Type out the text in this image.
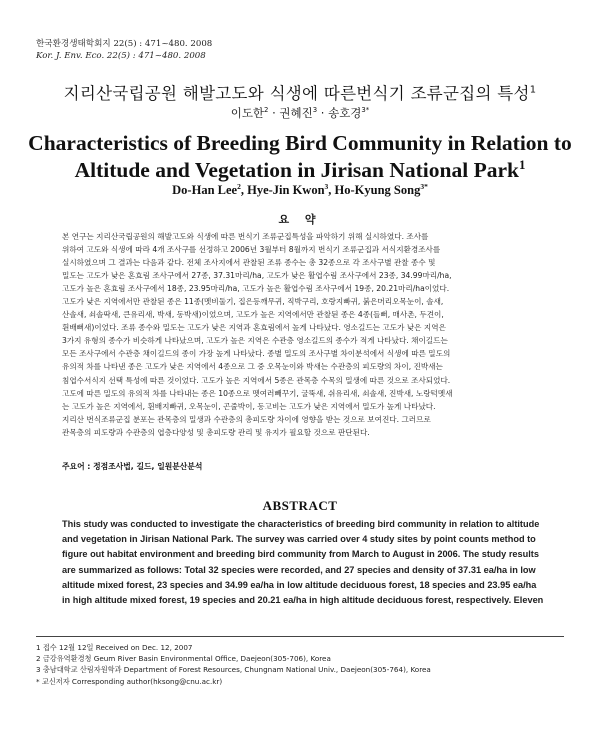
한국환경생태학회지 22(5) : 471~480. 2008
Kor. J. Env. Eco. 22(5) : 471~480. 2008
지리산국립공원 해발고도와 식생에 따른번식기 조류군집의 특성$^1$
이도한$^2$ · 권혜진$^3$ · 송호경$^{3*}$
Characteristics of Breeding Bird Community in Relation to
Altitude and Vegetation in Jirisan National Park$^1$
Do-Han Lee$^2$, Hye-Jin Kwon$^3$, Ho-Kyung Song$^{3*}$
요 약
본 연구는 지리산국립공원의 해발고도와 식생에 따른 번식기 조류군집특성을 파악하기 위해 실시하였다. 조사를
위하여 고도와 식생에 따라 4개 조사구를 선정하고 2006년 3월부터 8월까지 번식기 조류군집과 서식지환경조사를
실시하였으며 그 결과는 다음과 같다. 전체 조사지에서 관찰된 조류 종수는 총 32종으로 각 조사구별 관찰 종수 및
밀도는 고도가 낮은 혼효림 조사구에서 27종, 37.31마리/ha, 고도가 낮은 활엽수림 조사구에서 23종, 34.99마리/ha,
고도가 높은 혼효림 조사구에서 18종, 23.95마리/ha, 고도가 높은 활엽수림 조사구에서 19종, 20.21마리/ha이었다.
고도가 낮은 지역에서만 관찰된 종은 11종(멧비둘기, 집은등깨무귀, 직박구리, 호랑지빠귀, 붉은머리오목눈이, 솔새,
산솔새, 쇠솔딱새, 큰유리새, 박새, 동박새)이었으며, 고도가 높은 지역에서만 관찰된 종은 4종(들뻐, 매사촌, 두견이,
휜배뻐새)이었다. 조류 종수와 밀도는 고도가 낮은 지역과 혼효림에서 높게 나타났다. 영소길드는 고도가 낮은 지역은
3가지 유형의 종수가 비슷하게 나타났으며, 고도가 높은 지역은 수관층 영소길드의 종수가 적게 나타났다. 채이길드는
모든 조사구에서 수관층 채이길드의 종이 가장 높게 나타났다. 종별 밀도의 조사구별 차이분석에서 식생에 따른 밀도의
유의적 차를 나타낸 종은 고도가 낮은 지역에서 4종으로 그 중 오목눈이와 박새는 수관층의 피도량의 차이, 진박새는
침엽수서식지 선택 특성에 따른 것이었다. 고도가 높은 지역에서 5종은 관목층 수목의 밀생에 따른 것으로 조사되었다.
고도에 따른 밀도의 유의적 차를 나타내는 종은 10종으로 멧여러빼꾸기, 굴뚝새, 쉬유리새, 쇠솔새, 진박새, 노랑턱멧새
는 고도가 높은 지역에서, 휜배지빠귀, 오목눈이, 곤줄박이, 동고비는 고도가 낮은 지역에서 밀도가 높게 나타났다.
지리산 번식조류군집 분포는 관목층의 밀생과 수관층의 총피도량 차이에 영향을 받는 것으로 보여진다. 그러므로
관목층의 피도량과 수관층의 엽층다양성 및 총피도량 관리 및 유지가 필요할 것으로 판단된다.
주요어 : 정점조사법, 길드, 일원분산분석
ABSTRACT
This study was conducted to investigate the characteristics of breeding bird community in relation to altitude
and vegetation in Jirisan National Park. The survey was carried over 4 study sites by point counts method to
figure out habitat environment and breeding bird community from March to August in 2006. The study results
are summarized as follows: Total 32 species were recorded, and 27 species and density of 37.31 ea/ha in low
altitude mixed forest, 23 species and 34.99 ea/ha in low altitude deciduous forest, 18 species and 23.95 ea/ha
in high altitude mixed forest, 19 species and 20.21 ea/ha in high altitude deciduous forest, respectively. Eleven
1 접수 12월 12일 Received on Dec. 12, 2007
2 금강유역환경청 Geum River Basin Environmental Office, Daejeon(305-706), Korea
3 충남대학교 산림자원학과 Department of Forest Resources, Chungnam National Univ., Daejeon(305-764), Korea
* 교신저자 Corresponding author(hksong@cnu.ac.kr)
